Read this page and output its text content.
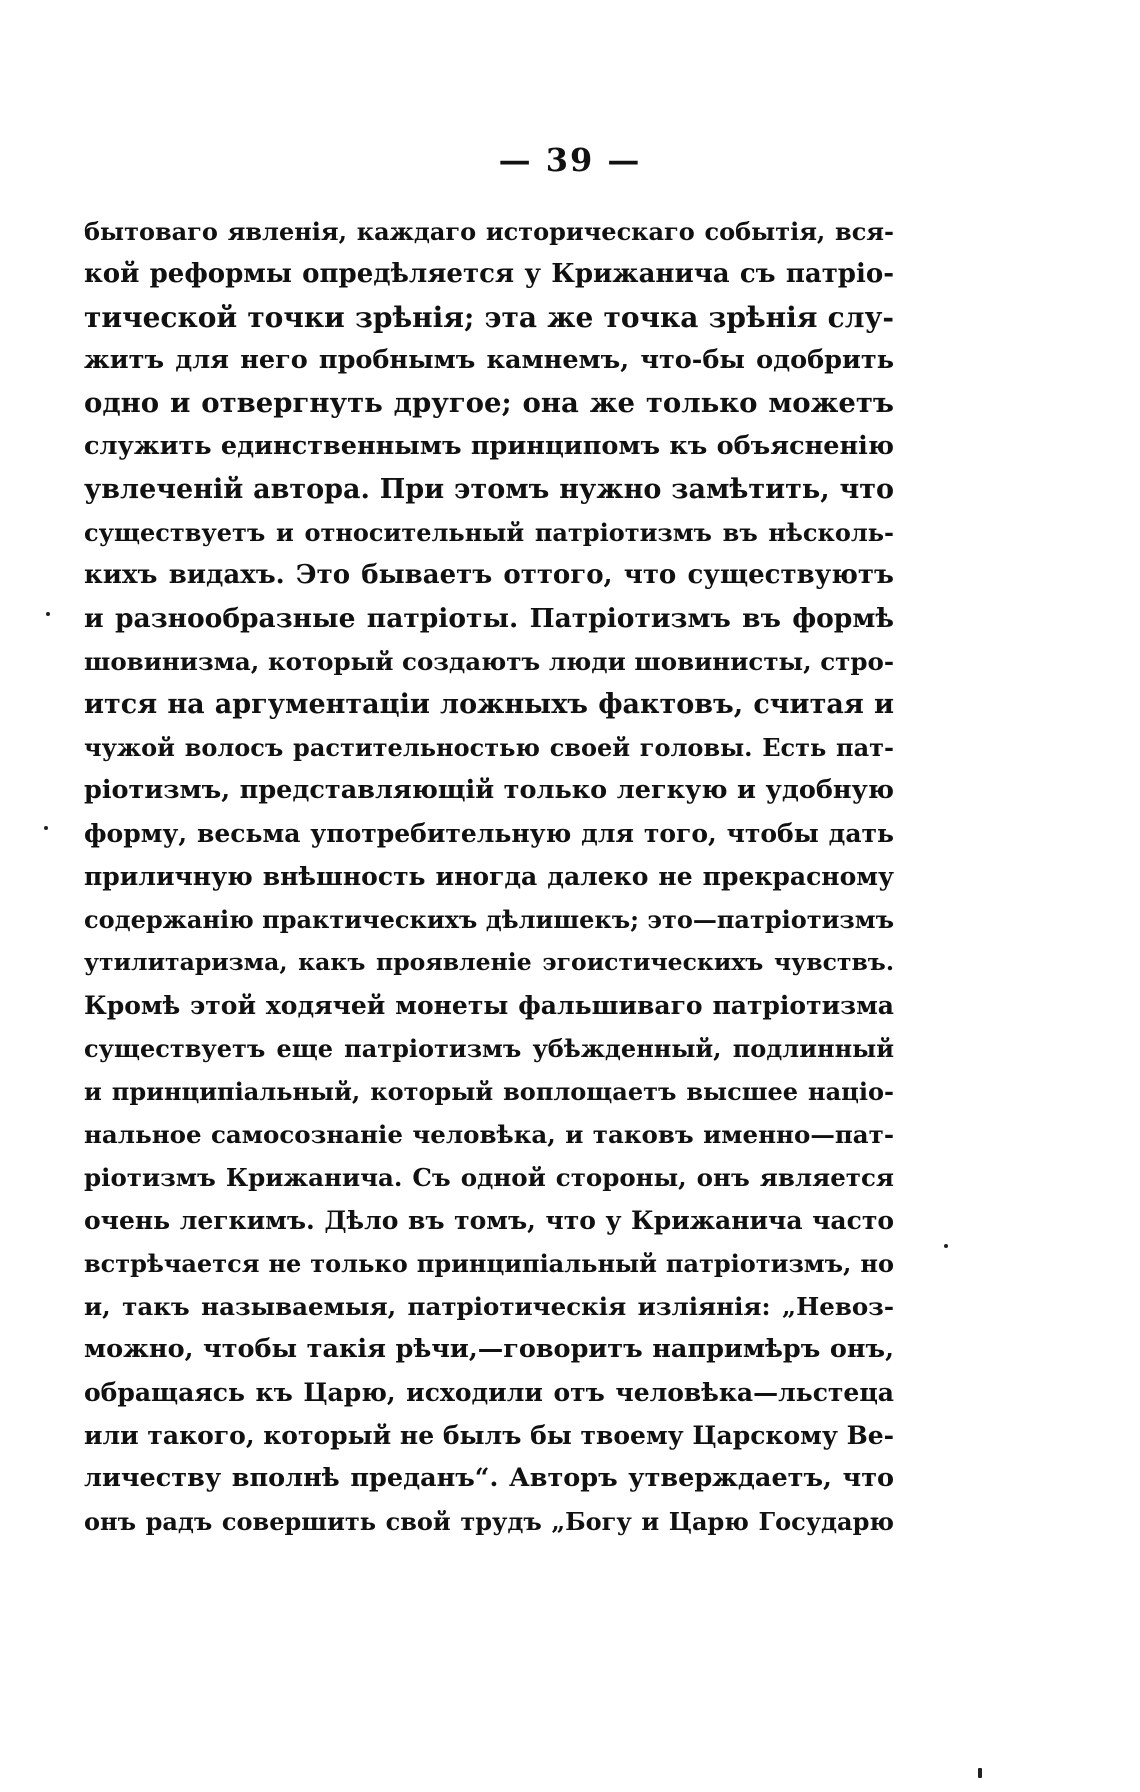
— 39 —
бытоваго явленія, каждаго историческаго событія, вся-
кой реформы опредѣляется у Крижанича съ патріо-
тической точки зрѣнія; эта же точка зрѣнія слу-
житъ для него пробнымъ камнемъ, что-бы одобрить
одно и отвергнуть другое; она же только можетъ
служить единственнымъ принципомъ къ объясненію
увлеченій автора. При этомъ нужно замѣтить, что
существуетъ и относительный патріотизмъ въ нѣсколь-
кихъ видахъ. Это бываетъ оттого, что существуютъ
и разнообразные патріоты. Патріотизмъ въ формѣ
шовинизма, который создаютъ люди шовинисты, стро-
ится на аргументаціи ложныхъ фактовъ, считая и
чужой волосъ растительностью своей головы. Есть пат-
ріотизмъ, представляющій только легкую и удобную
форму, весьма употребительную для того, чтобы дать
приличную внѣшность иногда далеко не прекрасному
содержанію практическихъ дѣлишекъ; это—патріотизмъ
утилитаризма, какъ проявленіе эгоистическихъ чувствъ.
Кромѣ этой ходячей монеты фальшиваго патріотизма
существуетъ еще патріотизмъ убѣжденный, подлинный
и принципіальный, который воплощаетъ высшее націо-
нальное самосознаніе человѣка, и таковъ именно—пат-
ріотизмъ Крижанича. Съ одной стороны, онъ является
очень легкимъ. Дѣло въ томъ, что у Крижанича часто
встрѣчается не только принципіальный патріотизмъ, но
и, такъ называемыя, патріотическія изліянія: „Невоз-
можно, чтобы такія рѣчи,—говоритъ напримѣръ онъ,
обращаясь къ Царю, исходили отъ человѣка—льстеца
или такого, который не былъ бы твоему Царскому Ве-
личеству вполнѣ преданъ“. Авторъ утверждаетъ, что
онъ радъ совершить свой трудъ „Богу и Царю Государю
